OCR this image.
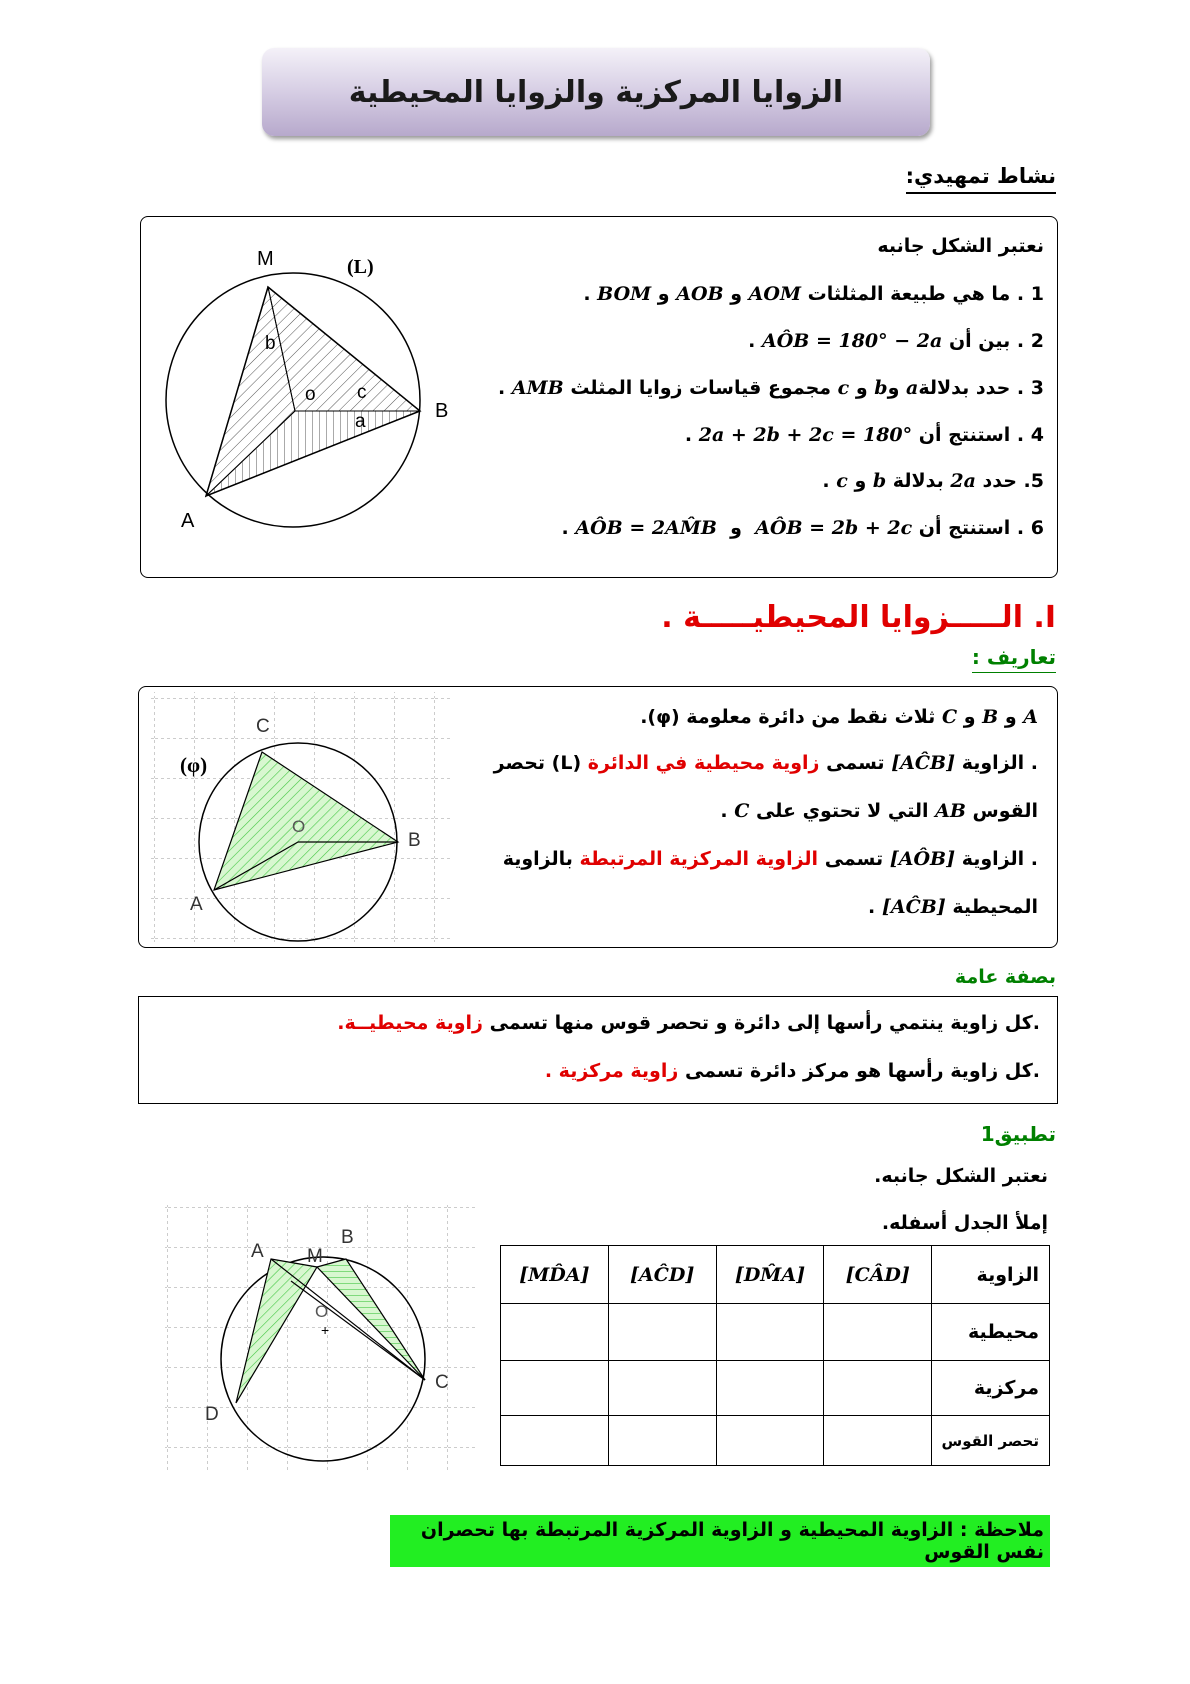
الزوايا المركزية والزوايا المحيطية
نشاط تمهيدي:
M	(L)
B
A
b
o c
a
نعتبر الشكل جانبه
1 . ما هي طبيعة المثلثات AOM و AOB و BOM .
2 . بين أن AÔB = 180° − 2a .
3 . حدد بدلالةa وb و c مجموع قياسات زوايا المثلث AMB .
4 . استنتج أن 2a + 2b + 2c = 180° .
5. حدد 2a بدلالة b و c .
6 . استنتج أن AÔB = 2b + 2c  و  AÔB = 2AM̂B .
I. الـــــزوايا المحيطيـــــة .
تعاريف :
C
(φ)
O
B
A
A و B و C ثلاث نقط من دائرة معلومة (φ).
. الزاوية [AĈB] تسمى زاوية محيطية في الدائرة (L) تحصر
القوس AB التي لا تحتوي على C .
. الزاوية [AÔB] تسمى الزاوية المركزية المرتبطة بالزاوية
المحيطية [AĈB] .
بصفة عامة
.كل زاوية ينتمي رأسها إلى دائرة و تحصر قوس منها تسمى زاوية محيطيــة.
.كل زاوية رأسها هو مركز دائرة تسمى زاوية مركزية .
تطبيق1
نعتبر الشكل جانبه.
إملأ الجدل أسفله.
+
B
A M
O
C
D
[MD̂A]	[AĈD]	[DM̂A]	[CÂD]	الزاوية
				محيطية
				مركزية
				تحصر القوس
ملاحظة : الزاوية المحيطية و الزاوية المركزية المرتبطة بها تحصران نفس القوس
